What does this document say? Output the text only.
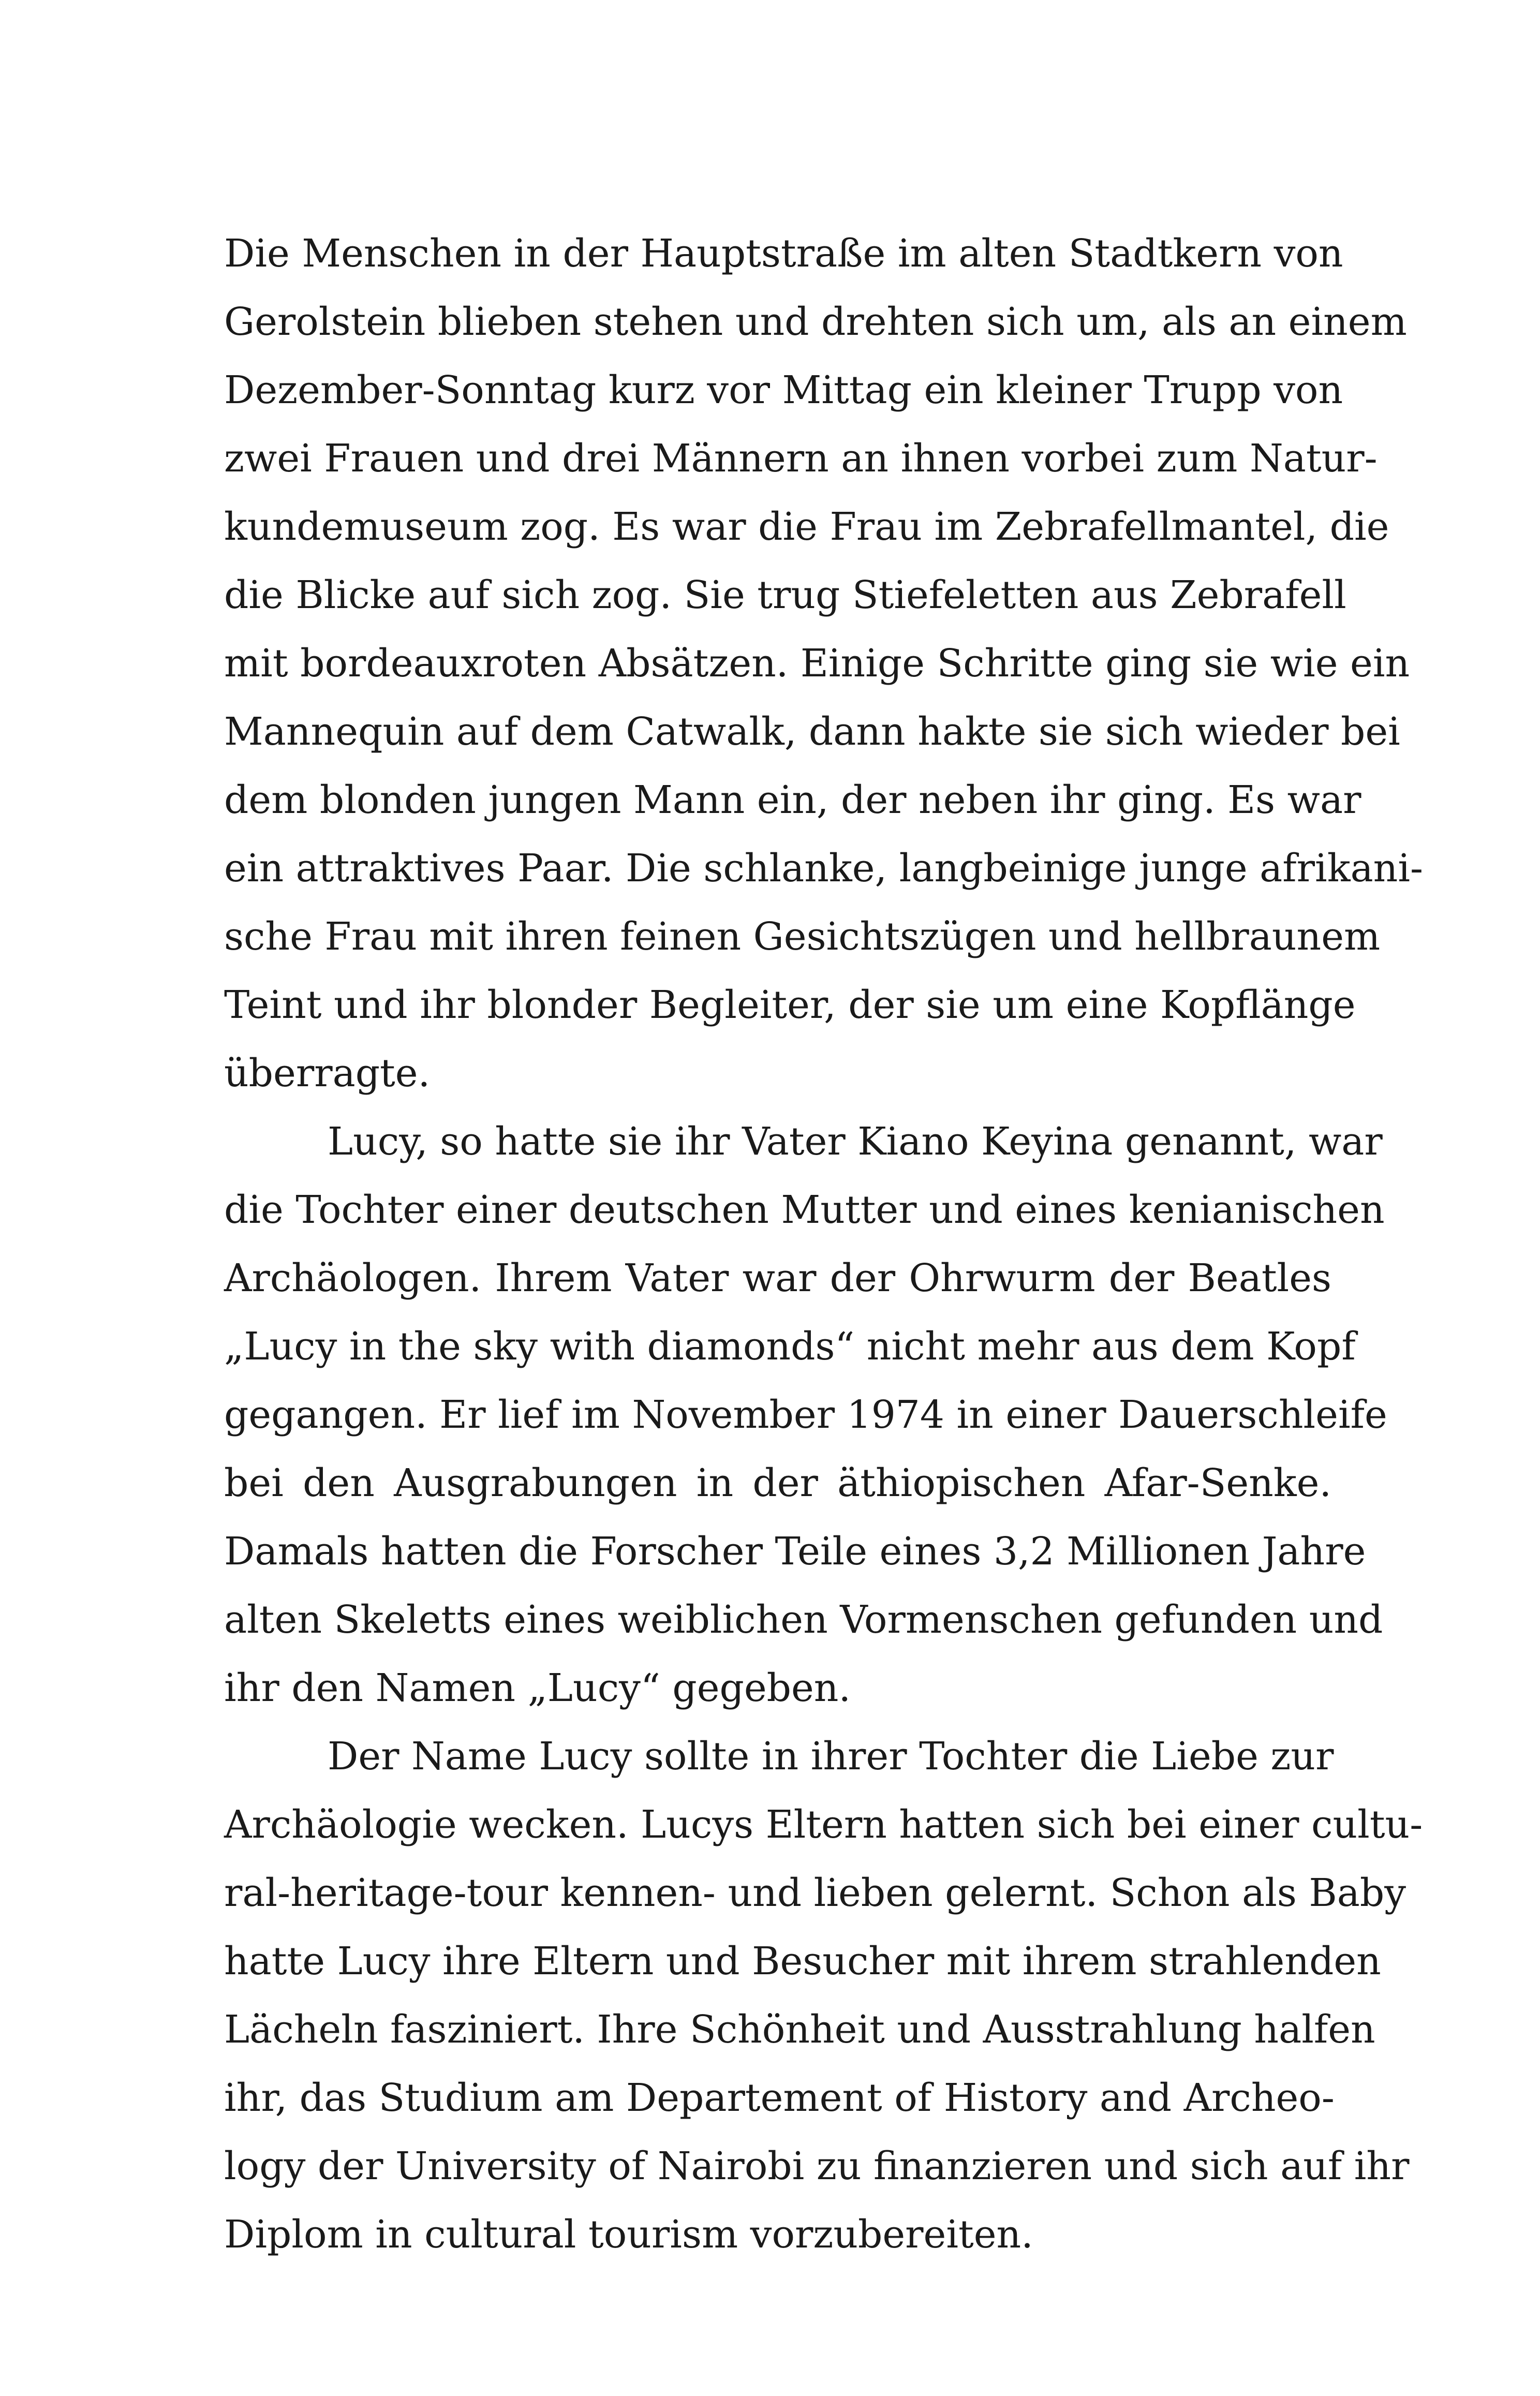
Die Menschen in der Hauptstraße im alten Stadtkern von
Gerolstein blieben stehen und drehten sich um, als an einem
Dezember-Sonntag kurz vor Mittag ein kleiner Trupp von
zwei Frauen und drei Männern an ihnen vorbei zum Natur-
kundemuseum zog. Es war die Frau im Zebrafellmantel, die
die Blicke auf sich zog. Sie trug Stiefeletten aus Zebrafell
mit bordeauxroten Absätzen. Einige Schritte ging sie wie ein
Mannequin auf dem Catwalk, dann hakte sie sich wieder bei
dem blonden jungen Mann ein, der neben ihr ging. Es war
ein attraktives Paar. Die schlanke, langbeinige junge afrikani-
sche Frau mit ihren feinen Gesichtszügen und hellbraunem
Teint und ihr blonder Begleiter, der sie um eine Kopflänge
überragte.
Lucy, so hatte sie ihr Vater Kiano Keyina genannt, war
die Tochter einer deutschen Mutter und eines kenianischen
Archäologen. Ihrem Vater war der Ohrwurm der Beatles
„Lucy in the sky with diamonds“ nicht mehr aus dem Kopf
gegangen. Er lief im November 1974 in einer Dauerschleife
bei den Ausgrabungen in der äthiopischen Afar-Senke.
Damals hatten die Forscher Teile eines 3,2 Millionen Jahre
alten Skeletts eines weiblichen Vormenschen gefunden und
ihr den Namen „Lucy“ gegeben.
Der Name Lucy sollte in ihrer Tochter die Liebe zur
Archäologie wecken. Lucys Eltern hatten sich bei einer cultu-
ral-heritage-tour kennen- und lieben gelernt. Schon als Baby
hatte Lucy ihre Eltern und Besucher mit ihrem strahlenden
Lächeln fasziniert. Ihre Schönheit und Ausstrahlung halfen
ihr, das Studium am Departement of History and Archeo-
logy der University of Nairobi zu finanzieren und sich auf ihr
Diplom in cultural tourism vorzubereiten.
